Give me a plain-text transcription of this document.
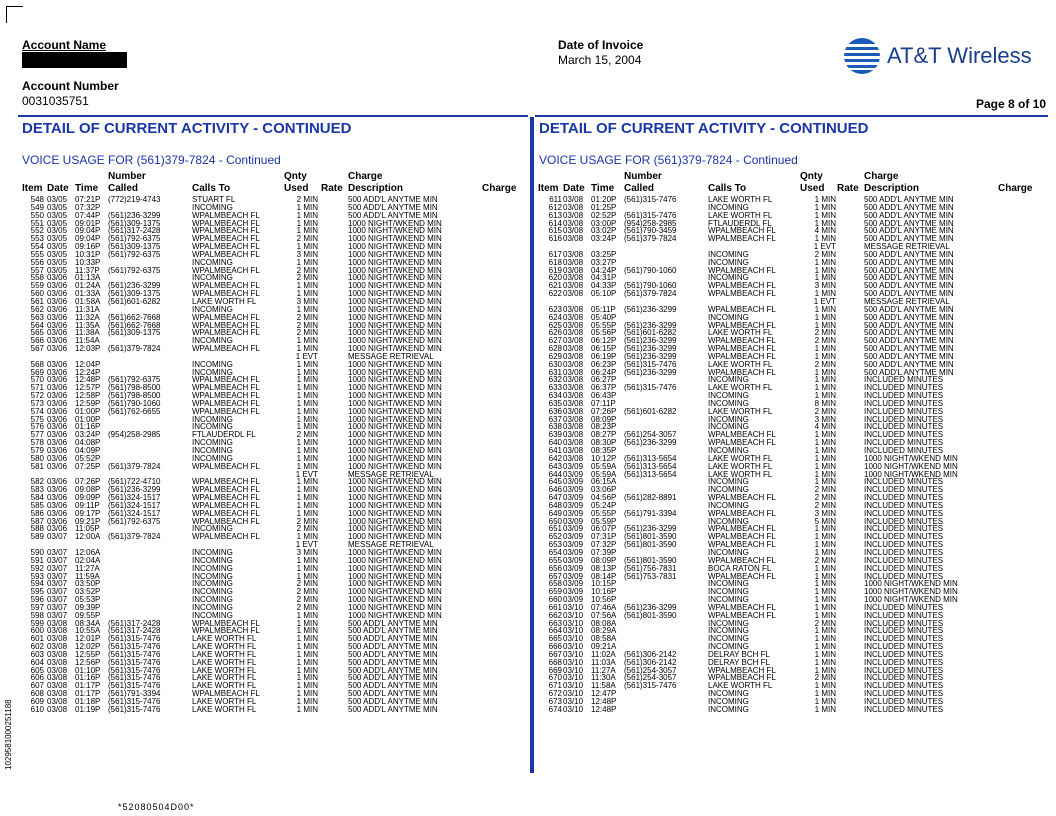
Account Name
Account Number
0031035751
Date of Invoice
March 15, 2004	AT&T Wireless
Page 8 of 10
DETAIL OF CURRENT ACTIVITY - CONTINUED	DETAIL OF CURRENT ACTIVITY - CONTINUED
VOICE USAGE FOR (561)379-7824 - Continued	VOICE USAGE FOR (561)379-7824 - Continued
Number	Qnty	Charge
Item Date Time Called	Calls To	Used Rate Description	Charge
Number	Qnty	Charge
Item Date Time Called	Calls To	Used Rate Description	Charge
548 03/05 07:21P (772)219-4743	STUART FL	2 MIN	500 ADD'L ANYTME MIN
549 03/05 07:32P	INCOMING	1 MIN	500 ADD'L ANYTME MIN
550 03/05 07:44P (561)236-3299	WPALMBEACH FL	1 MIN	500 ADD'L ANYTME MIN
551 03/05 09:01P (561)309-1375	WPALMBEACH FL	1 MIN	1000 NIGHT/WKEND MIN
552 03/05 09:04P (561)317-2428	WPALMBEACH FL	1 MIN	1000 NIGHT/WKEND MIN
553 03/05 09:04P (561)792-6375	WPALMBEACH FL	2 MIN	1000 NIGHT/WKEND MIN
554 03/05 09:16P (561)309-1375	WPALMBEACH FL	1 MIN	1000 NIGHT/WKEND MIN
555 03/05 10:31P (561)792-6375	WPALMBEACH FL	3 MIN	1000 NIGHT/WKEND MIN
556 03/05 10:33P	INCOMING	1 MIN	1000 NIGHT/WKEND MIN
557 03/05 11:37P (561)792-6375	WPALMBEACH FL	2 MIN	1000 NIGHT/WKEND MIN
558 03/06 01:13A	INCOMING	2 MIN	1000 NIGHT/WKEND MIN
559 03/06 01:24A (561)236-3299	WPALMBEACH FL	1 MIN	1000 NIGHT/WKEND MIN
560 03/06 01:33A (561)309-1375	WPALMBEACH FL	1 MIN	1000 NIGHT/WKEND MIN
561 03/06 01:58A (561)601-6282	LAKE WORTH FL	3 MIN	1000 NIGHT/WKEND MIN
562 03/06 11:31A	INCOMING	1 MIN	1000 NIGHT/WKEND MIN
563 03/06 11:32A (561)662-7668	WPALMBEACH FL	2 MIN	1000 NIGHT/WKEND MIN
564 03/06 11:35A (561)662-7668	WPALMBEACH FL	2 MIN	1000 NIGHT/WKEND MIN
565 03/06 11:38A (561)309-1375	WPALMBEACH FL	2 MIN	1000 NIGHT/WKEND MIN
566 03/06 11:54A	INCOMING	1 MIN	1000 NIGHT/WKEND MIN
567 03/06 12:03P (561)379-7824	WPALMBEACH FL	1 MIN	1000 NIGHT/WKEND MIN
1 EVT	MESSAGE RETRIEVAL
568 03/06 12:04P	INCOMING	1 MIN	1000 NIGHT/WKEND MIN
569 03/06 12:24P	INCOMING	1 MIN	1000 NIGHT/WKEND MIN
570 03/06 12:48P (561)792-6375	WPALMBEACH FL	1 MIN	1000 NIGHT/WKEND MIN
571 03/06 12:57P (561)798-8500	WPALMBEACH FL	1 MIN	1000 NIGHT/WKEND MIN
572 03/06 12:58P (561)798-8500	WPALMBEACH FL	1 MIN	1000 NIGHT/WKEND MIN
573 03/06 12:59P (561)790-1060	WPALMBEACH FL	1 MIN	1000 NIGHT/WKEND MIN
574 03/06 01:00P (561)762-6655	WPALMBEACH FL	1 MIN	1000 NIGHT/WKEND MIN
575 03/06 01:00P	INCOMING	1 MIN	1000 NIGHT/WKEND MIN
576 03/06 01:16P	INCOMING	1 MIN	1000 NIGHT/WKEND MIN
577 03/06 03:24P (954)258-2985	FTLAUDERDL FL	2 MIN	1000 NIGHT/WKEND MIN
578 03/06 04:08P	INCOMING	1 MIN	1000 NIGHT/WKEND MIN
579 03/06 04:09P	INCOMING	1 MIN	1000 NIGHT/WKEND MIN
580 03/06 05:52P	INCOMING	1 MIN	1000 NIGHT/WKEND MIN
581 03/06 07:25P (561)379-7824	WPALMBEACH FL	1 MIN	1000 NIGHT/WKEND MIN
1 EVT	MESSAGE RETRIEVAL
582 03/06 07:26P (561)722-4710	WPALMBEACH FL	1 MIN	1000 NIGHT/WKEND MIN
583 03/06 09:08P (561)236-3299	WPALMBEACH FL	1 MIN	1000 NIGHT/WKEND MIN
584 03/06 09:09P (561)324-1517	WPALMBEACH FL	1 MIN	1000 NIGHT/WKEND MIN
585 03/06 09:11P (561)324-1517	WPALMBEACH FL	1 MIN	1000 NIGHT/WKEND MIN
586 03/06 09:17P (561)324-1517	WPALMBEACH FL	1 MIN	1000 NIGHT/WKEND MIN
587 03/06 09:21P (561)792-6375	WPALMBEACH FL	2 MIN	1000 NIGHT/WKEND MIN
588 03/06 11:05P	INCOMING	2 MIN	1000 NIGHT/WKEND MIN
589 03/07 12:00A (561)379-7824	WPALMBEACH FL	1 MIN	1000 NIGHT/WKEND MIN
1 EVT	MESSAGE RETRIEVAL
590 03/07 12:06A	INCOMING	3 MIN	1000 NIGHT/WKEND MIN
591 03/07 02:04A	INCOMING	1 MIN	1000 NIGHT/WKEND MIN
592 03/07 11:27A	INCOMING	1 MIN	1000 NIGHT/WKEND MIN
593 03/07 11:59A	INCOMING	1 MIN	1000 NIGHT/WKEND MIN
594 03/07 03:50P	INCOMING	2 MIN	1000 NIGHT/WKEND MIN
595 03/07 03:52P	INCOMING	2 MIN	1000 NIGHT/WKEND MIN
596 03/07 05:53P	INCOMING	2 MIN	1000 NIGHT/WKEND MIN
597 03/07 09:39P	INCOMING	2 MIN	1000 NIGHT/WKEND MIN
598 03/07 09:55P	INCOMING	1 MIN	1000 NIGHT/WKEND MIN
599 03/08 08:34A (561)317-2428	WPALMBEACH FL	1 MIN	500 ADD'L ANYTME MIN
600 03/08 10:55A (561)317-2428	WPALMBEACH FL	1 MIN	500 ADD'L ANYTME MIN
601 03/08 12:01P (561)315-7476	LAKE WORTH FL	1 MIN	500 ADD'L ANYTME MIN
602 03/08 12:02P (561)315-7476	LAKE WORTH FL	1 MIN	500 ADD'L ANYTME MIN
603 03/08 12:55P (561)315-7476	LAKE WORTH FL	1 MIN	500 ADD'L ANYTME MIN
604 03/08 12:56P (561)315-7476	LAKE WORTH FL	1 MIN	500 ADD'L ANYTME MIN
605 03/08 01:10P (561)315-7476	LAKE WORTH FL	1 MIN	500 ADD'L ANYTME MIN
606 03/08 01:16P (561)315-7476	LAKE WORTH FL	1 MIN	500 ADD'L ANYTME MIN
607 03/08 01:17P (561)315-7476	LAKE WORTH FL	1 MIN	500 ADD'L ANYTME MIN
608 03/08 01:17P (561)791-3394	WPALMBEACH FL	1 MIN	500 ADD'L ANYTME MIN
609 03/08 01:18P (561)315-7476	LAKE WORTH FL	1 MIN	500 ADD'L ANYTME MIN
610 03/08 01:19P (561)315-7476	LAKE WORTH FL	1 MIN	500 ADD'L ANYTME MIN
611 03/08 01:20P (561)315-7476	LAKE WORTH FL	1 MIN	500 ADD'L ANYTME MIN
612 03/08 01:25P	INCOMING	1 MIN	500 ADD'L ANYTME MIN
613 03/08 02:52P (561)315-7476	LAKE WORTH FL	1 MIN	500 ADD'L ANYTME MIN
614 03/08 03:00P (954)258-2985	FTLAUDERDL FL	1 MIN	500 ADD'L ANYTME MIN
615 03/08 03:02P (561)790-3459	WPALMBEACH FL	4 MIN	500 ADD'L ANYTME MIN
616 03/08 03:24P (561)379-7824	WPALMBEACH FL	1 MIN	500 ADD'L ANYTME MIN
1 EVT	MESSAGE RETRIEVAL
617 03/08 03:25P	INCOMING	2 MIN	500 ADD'L ANYTME MIN
618 03/08 03:27P	INCOMING	1 MIN	500 ADD'L ANYTME MIN
619 03/08 04:24P (561)790-1060	WPALMBEACH FL	1 MIN	500 ADD'L ANYTME MIN
620 03/08 04:31P	INCOMING	1 MIN	500 ADD'L ANYTME MIN
621 03/08 04:33P (561)790-1060	WPALMBEACH FL	3 MIN	500 ADD'L ANYTME MIN
622 03/08 05:10P (561)379-7824	WPALMBEACH FL	1 MIN	500 ADD'L ANYTME MIN
1 EVT	MESSAGE RETRIEVAL
623 03/08 05:11P (561)236-3299	WPALMBEACH FL	1 MIN	500 ADD'L ANYTME MIN
624 03/08 05:40P	INCOMING	1 MIN	500 ADD'L ANYTME MIN
625 03/08 05:55P (561)236-3299	WPALMBEACH FL	1 MIN	500 ADD'L ANYTME MIN
626 03/08 05:56P (561)601-6282	LAKE WORTH FL	2 MIN	500 ADD'L ANYTME MIN
627 03/08 06:12P (561)236-3299	WPALMBEACH FL	2 MIN	500 ADD'L ANYTME MIN
628 03/08 06:15P (561)236-3299	WPALMBEACH FL	1 MIN	500 ADD'L ANYTME MIN
629 03/08 06:19P (561)236-3299	WPALMBEACH FL	1 MIN	500 ADD'L ANYTME MIN
630 03/08 06:23P (561)315-7476	LAKE WORTH FL	2 MIN	500 ADD'L ANYTME MIN
631 03/08 06:24P (561)236-3299	WPALMBEACH FL	1 MIN	500 ADD'L ANYTME MIN
632 03/08 06:27P	INCOMING	1 MIN	INCLUDED MINUTES
633 03/08 06:37P (561)315-7476	LAKE WORTH FL	1 MIN	INCLUDED MINUTES
634 03/08 06:43P	INCOMING	1 MIN	INCLUDED MINUTES
635 03/08 07:11P	INCOMING	8 MIN	INCLUDED MINUTES
636 03/08 07:26P (561)601-6282	LAKE WORTH FL	2 MIN	INCLUDED MINUTES
637 03/08 08:09P	INCOMING	3 MIN	INCLUDED MINUTES
638 03/08 08:23P	INCOMING	4 MIN	INCLUDED MINUTES
639 03/08 08:27P (561)254-3057	WPALMBEACH FL	1 MIN	INCLUDED MINUTES
640 03/08 08:30P (561)236-3299	WPALMBEACH FL	1 MIN	INCLUDED MINUTES
641 03/08 08:35P	INCOMING	1 MIN	INCLUDED MINUTES
642 03/08 10:12P (561)313-5654	LAKE WORTH FL	1 MIN	1000 NIGHT/WKEND MIN
643 03/09 05:59A (561)313-5654	LAKE WORTH FL	1 MIN	1000 NIGHT/WKEND MIN
644 03/09 05:59A (561)313-5654	LAKE WORTH FL	1 MIN	1000 NIGHT/WKEND MIN
645 03/09 06:15A	INCOMING	1 MIN	INCLUDED MINUTES
646 03/09 03:06P	INCOMING	2 MIN	INCLUDED MINUTES
647 03/09 04:56P (561)282-8891	WPALMBEACH FL	2 MIN	INCLUDED MINUTES
648 03/09 05:24P	INCOMING	2 MIN	INCLUDED MINUTES
649 03/09 05:55P (561)791-3394	WPALMBEACH FL	3 MIN	INCLUDED MINUTES
650 03/09 05:59P	INCOMING	5 MIN	INCLUDED MINUTES
651 03/09 06:07P (561)236-3299	WPALMBEACH FL	1 MIN	INCLUDED MINUTES
652 03/09 07:31P (561)801-3590	WPALMBEACH FL	1 MIN	INCLUDED MINUTES
653 03/09 07:32P (561)801-3590	WPALMBEACH FL	1 MIN	INCLUDED MINUTES
654 03/09 07:39P	INCOMING	1 MIN	INCLUDED MINUTES
655 03/09 08:09P (561)801-3590	WPALMBEACH FL	2 MIN	INCLUDED MINUTES
656 03/09 08:13P (561)756-7831	BOCA RATON FL	1 MIN	INCLUDED MINUTES
657 03/09 08:14P (561)753-7831	WPALMBEACH FL	1 MIN	INCLUDED MINUTES
658 03/09 10:15P	INCOMING	1 MIN	1000 NIGHT/WKEND MIN
659 03/09 10:16P	INCOMING	1 MIN	1000 NIGHT/WKEND MIN
660 03/09 10:56P	INCOMING	1 MIN	1000 NIGHT/WKEND MIN
661 03/10 07:46A (561)236-3299	WPALMBEACH FL	1 MIN	INCLUDED MINUTES
662 03/10 07:56A (561)801-3590	WPALMBEACH FL	1 MIN	INCLUDED MINUTES
663 03/10 08:08A	INCOMING	2 MIN	INCLUDED MINUTES
664 03/10 08:29A	INCOMING	1 MIN	INCLUDED MINUTES
665 03/10 08:58A	INCOMING	1 MIN	INCLUDED MINUTES
666 03/10 09:21A	INCOMING	1 MIN	INCLUDED MINUTES
667 03/10 11:02A (561)306-2142	DELRAY BCH FL	1 MIN	INCLUDED MINUTES
668 03/10 11:03A (561)306-2142	DELRAY BCH FL	1 MIN	INCLUDED MINUTES
669 03/10 11:27A (561)254-3057	WPALMBEACH FL	1 MIN	INCLUDED MINUTES
670 03/10 11:30A (561)254-3057	WPALMBEACH FL	2 MIN	INCLUDED MINUTES
671 03/10 11:58A (561)315-7476	LAKE WORTH FL	1 MIN	INCLUDED MINUTES
672 03/10 12:47P	INCOMING	1 MIN	INCLUDED MINUTES
673 03/10 12:48P	INCOMING	1 MIN	INCLUDED MINUTES
674 03/10 12:48P	INCOMING	1 MIN	INCLUDED MINUTES
*52080504D00*
1029581000251188
